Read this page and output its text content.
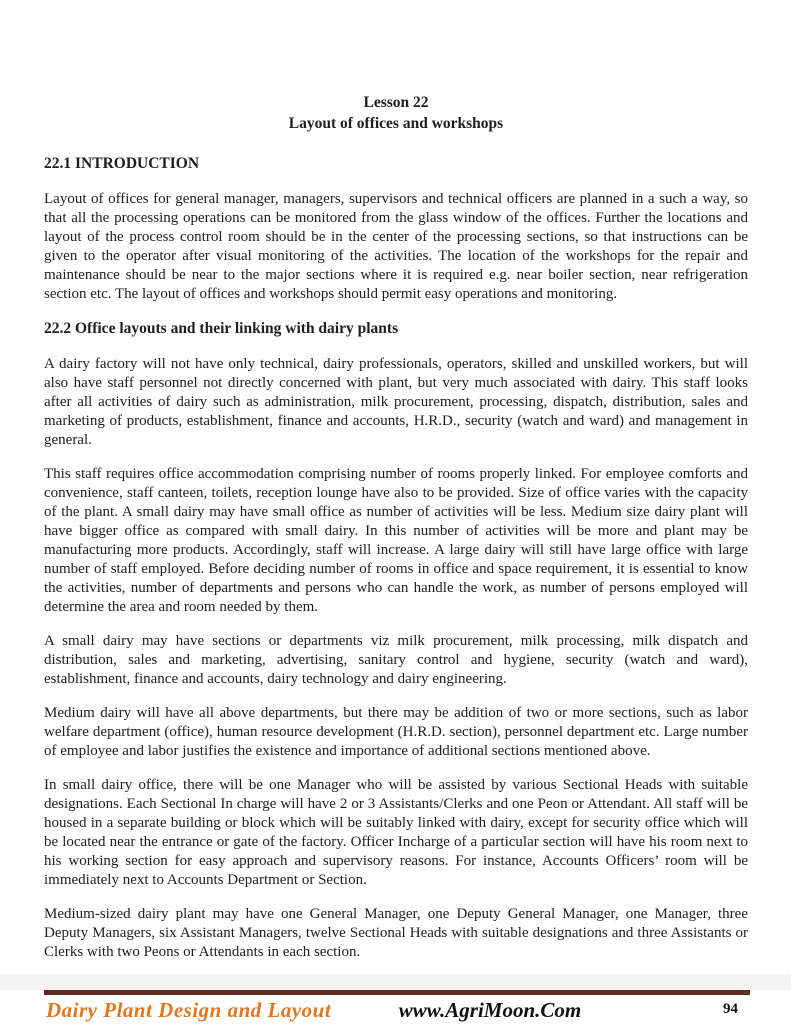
Lesson 22
Layout of offices and workshops
22.1 INTRODUCTION

Layout of offices for general manager, managers, supervisors and technical officers are planned in a such a way, so that all the processing operations can be monitored from the glass window of the offices. Further the locations and layout of the process control room should be in the center of the processing sections, so that instructions can be given to the operator after visual monitoring of the activities. The location of the workshops for the repair and maintenance should be near to the major sections where it is required e.g. near boiler section, near refrigeration section etc. The layout of offices and workshops should permit easy operations and monitoring.

22.2 Office layouts and their linking with dairy plants

A dairy factory will not have only technical, dairy professionals, operators, skilled and unskilled workers, but will also have staff personnel not directly concerned with plant, but very much associated with dairy. This staff looks after all activities of dairy such as administration, milk procurement, processing, dispatch, distribution, sales and marketing of products, establishment, finance and accounts, H.R.D., security (watch and ward) and management in general.

This staff requires office accommodation comprising number of rooms properly linked. For employee comforts and convenience, staff canteen, toilets, reception lounge have also to be provided. Size of office varies with the capacity of the plant. A small dairy may have small office as number of activities will be less. Medium size dairy plant will have bigger office as compared with small dairy. In this number of activities will be more and plant may be manufacturing more products. Accordingly, staff will increase. A large dairy will still have large office with large number of staff employed. Before deciding number of rooms in office and space requirement, it is essential to know the activities, number of departments and persons who can handle the work, as number of persons employed will determine the area and room needed by them.

A small dairy may have sections or departments viz milk procurement, milk processing, milk dispatch and distribution, sales and marketing, advertising, sanitary control and hygiene, security (watch and ward), establishment, finance and accounts, dairy technology and dairy engineering.

Medium dairy will have all above departments, but there may be addition of two or more sections, such as labor welfare department (office), human resource development (H.R.D. section), personnel department etc. Large number of employee and labor justifies the existence and importance of additional sections mentioned above.

In small dairy office, there will be one Manager who will be assisted by various Sectional Heads with suitable designations. Each Sectional In charge will have 2 or 3 Assistants/Clerks and one Peon or Attendant. All staff will be housed in a separate building or block which will be suitably linked with dairy, except for security office which will be located near the entrance or gate of the factory. Officer Incharge of a particular section will have his room next to his working section for easy approach and supervisory reasons. For instance, Accounts Officers’ room will be immediately next to Accounts Department or Section.

Medium-sized dairy plant may have one General Manager, one Deputy General Manager, one Manager, three Deputy Managers, six Assistant Managers, twelve Sectional Heads with suitable designations and three Assistants or Clerks with two Peons or Attendants in each section.

Dairy Plant Design and Layout	www.AgriMoon.Com	94
